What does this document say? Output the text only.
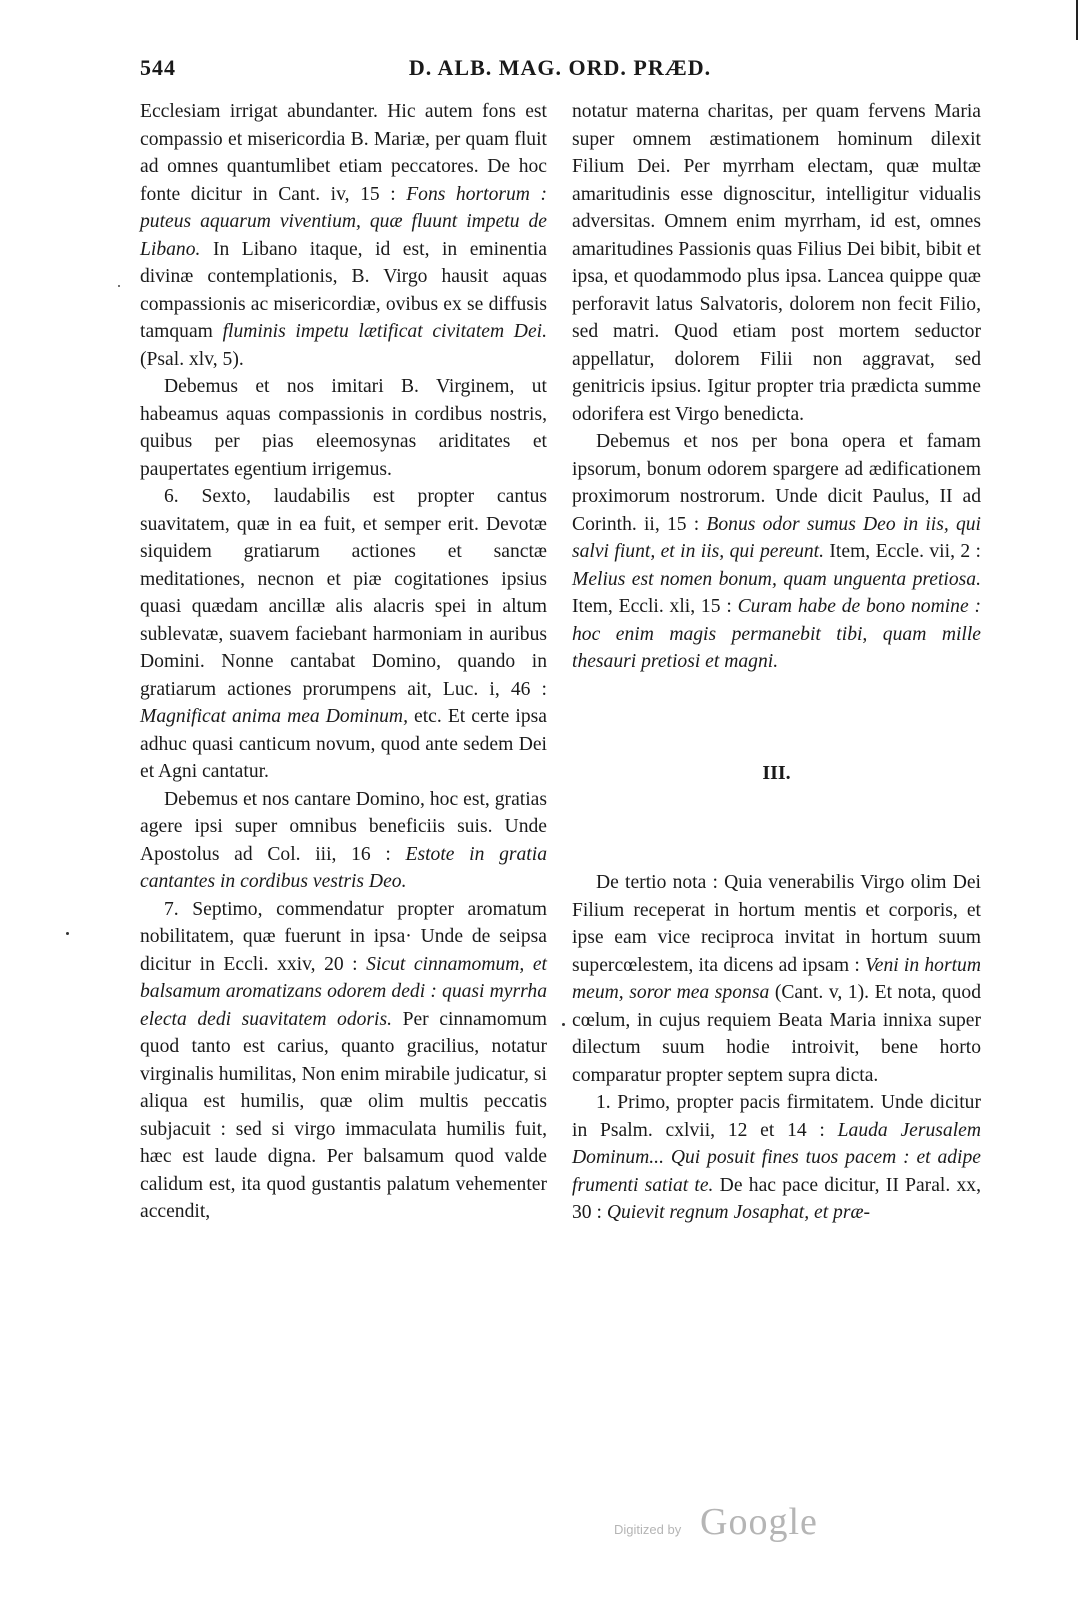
544	D. ALB. MAG. ORD. PRÆD.

Ecclesiam irrigat abundanter. Hic autem fons est compassio et misericordia B. Mariæ, per quam fluit ad omnes quantumlibet etiam peccatores. De hoc fonte dicitur in Cant. iv, 15 : Fons hortorum : puteus aquarum viventium, quæ fluunt impetu de Libano. In Libano itaque, id est, in eminentia divinæ contemplationis, B. Virgo hausit aquas compassionis ac misericordiæ, ovibus ex se diffusis tamquam fluminis impetu lætificat civitatem Dei. (Psal. xlv, 5).

Debemus et nos imitari B. Virginem, ut habeamus aquas compassionis in cordibus nostris, quibus per pias eleemosynas ariditates et paupertates egentium irrigemus.

6. Sexto, laudabilis est propter cantus suavitatem, quæ in ea fuit, et semper erit. Devotæ siquidem gratiarum actiones et sanctæ meditationes, necnon et piæ cogitationes ipsius quasi quædam ancillæ alis alacris spei in altum sublevatæ, suavem faciebant harmoniam in auribus Domini. Nonne cantabat Domino, quando in gratiarum actiones prorumpens ait, Luc. i, 46 : Magnificat anima mea Dominum, etc. Et certe ipsa adhuc quasi canticum novum, quod ante sedem Dei et Agni cantatur.

Debemus et nos cantare Domino, hoc est, gratias agere ipsi super omnibus beneficiis suis. Unde Apostolus ad Col. iii, 16 : Estote in gratia cantantes in cordibus vestris Deo.

7. Septimo, commendatur propter aromatum nobilitatem, quæ fuerunt in ipsa· Unde de seipsa dicitur in Eccli. xxiv, 20 : Sicut cinnamomum, et balsamum aromatizans odorem dedi : quasi myrrha electa dedi suavitatem odoris. Per cinnamomum quod tanto est carius, quanto gracilius, notatur virginalis humilitas, Non enim mirabile judicatur, si aliqua est humilis, quæ olim multis peccatis subjacuit : sed si virgo immaculata humilis fuit, hæc est laude digna. Per balsamum quod valde calidum est, ita quod gustantis palatum vehementer accendit,

notatur materna charitas, per quam fervens Maria super omnem æstimationem hominum dilexit Filium Dei. Per myrrham electam, quæ multæ amaritudinis esse dignoscitur, intelligitur vidualis adversitas. Omnem enim myrrham, id est, omnes amaritudines Passionis quas Filius Dei bibit, bibit et ipsa, et quodammodo plus ipsa. Lancea quippe quæ perforavit latus Salvatoris, dolorem non fecit Filio, sed matri. Quod etiam post mortem seductor appellatur, dolorem Filii non aggravat, sed genitricis ipsius. Igitur propter tria prædicta summe odorifera est Virgo benedicta.

Debemus et nos per bona opera et famam ipsorum, bonum odorem spargere ad ædificationem proximorum nostrorum. Unde dicit Paulus, II ad Corinth. ii, 15 : Bonus odor sumus Deo in iis, qui salvi fiunt, et in iis, qui pereunt. Item, Eccle. vii, 2 : Melius est nomen bonum, quam unguenta pretiosa. Item, Eccli. xli, 15 : Curam habe de bono nomine : hoc enim magis permanebit tibi, quam mille thesauri pretiosi et magni.

III.

De tertio nota : Quia venerabilis Virgo olim Dei Filium receperat in hortum mentis et corporis, et ipse eam vice reciproca invitat in hortum suum supercœlestem, ita dicens ad ipsam : Veni in hortum meum, soror mea sponsa (Cant. v, 1). Et nota, quod cœlum, in cujus requiem Beata Maria innixa super dilectum suum hodie introivit, bene horto comparatur propter septem supra dicta.

1. Primo, propter pacis firmitatem. Unde dicitur in Psalm. cxlvii, 12 et 14 : Lauda Jerusalem Dominum... Qui posuit fines tuos pacem : et adipe frumenti satiat te. De hac pace dicitur, II Paral. xx, 30 : Quievit regnum Josaphat, et præ-

Digitized by Google
